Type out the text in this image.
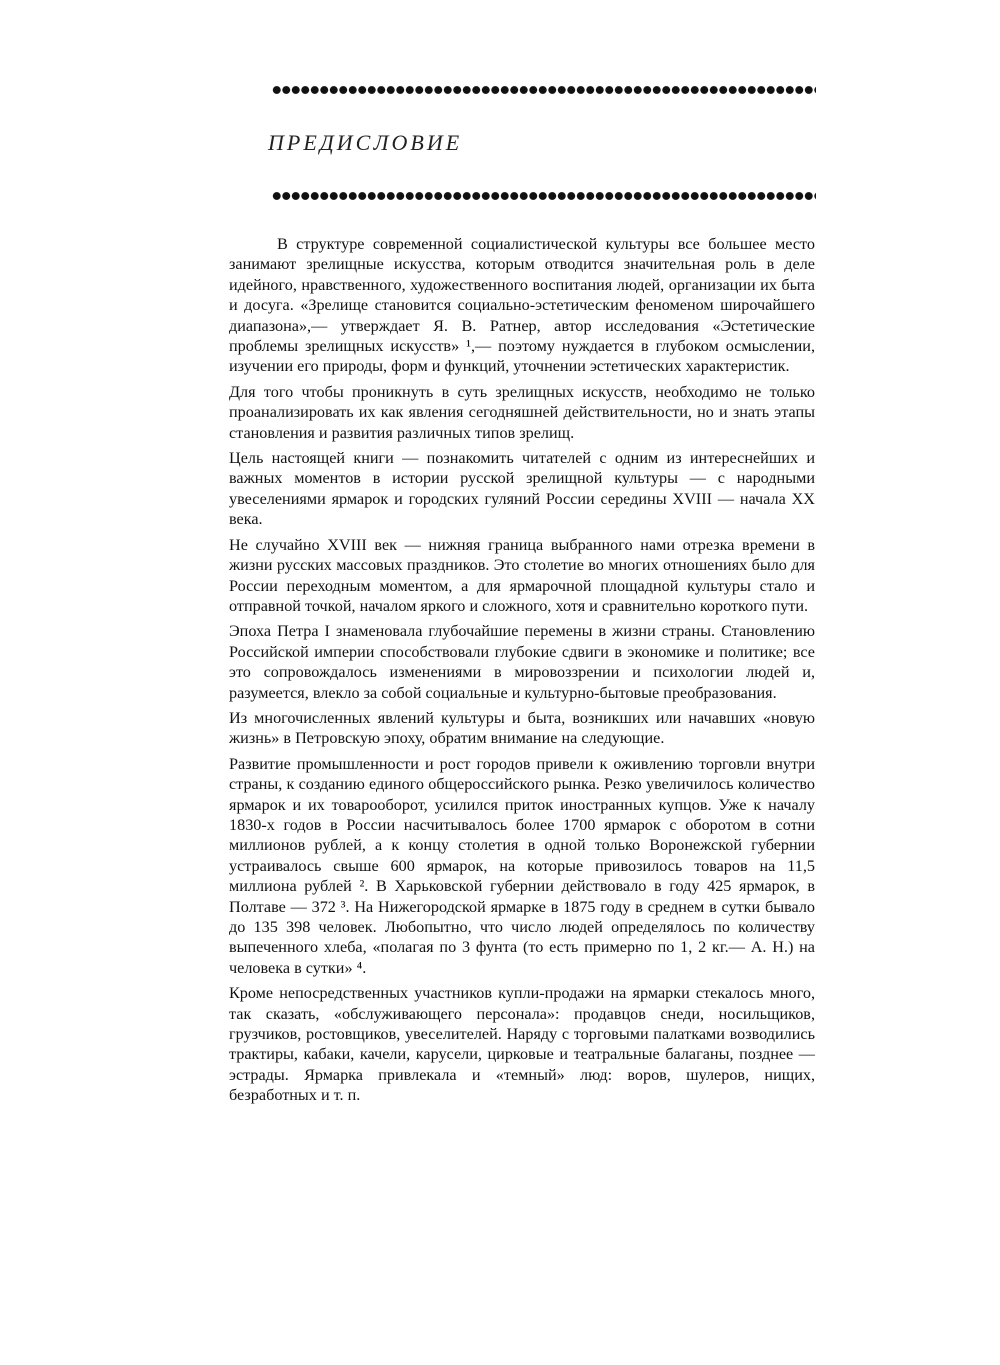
ПРЕДИСЛОВИЕ

В структуре современной социалистической культуры все большее место занимают зрелищные искусства, которым отводится значительная роль в деле идейного, нравственного, художественного воспитания людей, организации их быта и досуга. «Зрелище становится социально-эстетическим феноменом широчайшего диапазона»,— утверждает Я. В. Ратнер, автор исследования «Эстетические проблемы зрелищных искусств» ¹,— поэтому нуждается в глубоком осмыслении, изучении его природы, форм и функций, уточнении эстетических характеристик.

Для того чтобы проникнуть в суть зрелищных искусств, необходимо не только проанализировать их как явления сегодняшней действительности, но и знать этапы становления и развития различных типов зрелищ.

Цель настоящей книги — познакомить читателей с одним из интереснейших и важных моментов в истории русской зрелищной культуры — с народными увеселениями ярмарок и городских гуляний России середины XVIII — начала XX века.

Не случайно XVIII век — нижняя граница выбранного нами отрезка времени в жизни русских массовых праздников. Это столетие во многих отношениях было для России переходным моментом, а для ярмарочной площадной культуры стало и отправной точкой, началом яркого и сложного, хотя и сравнительно короткого пути.

Эпоха Петра I знаменовала глубочайшие перемены в жизни страны. Становлению Российской империи способствовали глубокие сдвиги в экономике и политике; все это сопровождалось изменениями в мировоззрении и психологии людей и, разумеется, влекло за собой социальные и культурно-бытовые преобразования.

Из многочисленных явлений культуры и быта, возникших или начавших «новую жизнь» в Петровскую эпоху, обратим внимание на следующие.

Развитие промышленности и рост городов привели к оживлению торговли внутри страны, к созданию единого общероссийского рынка. Резко увеличилось количество ярмарок и их товарооборот, усилился приток иностранных купцов. Уже к началу 1830-х годов в России насчитывалось более 1700 ярмарок с оборотом в сотни миллионов рублей, а к концу столетия в одной только Воронежской губернии устраивалось свыше 600 ярмарок, на которые привозилось товаров на 11,5 миллиона рублей ². В Харьковской губернии действовало в году 425 ярмарок, в Полтаве — 372 ³. На Нижегородской ярмарке в 1875 году в среднем в сутки бывало до 135 398 человек. Любопытно, что число людей определялось по количеству выпеченного хлеба, «полагая по 3 фунта (то есть примерно по 1, 2 кг.— А. Н.) на человека в сутки» ⁴.

Кроме непосредственных участников купли-продажи на ярмарки стекалось много, так сказать, «обслуживающего персонала»: продавцов снеди, носильщиков, грузчиков, ростовщиков, увеселителей. Наряду с торговыми палатками возводились трактиры, кабаки, качели, карусели, цирковые и театральные балаганы, позднее — эстрады. Ярмарка привлекала и «темный» люд: воров, шулеров, нищих, безработных и т. п.
